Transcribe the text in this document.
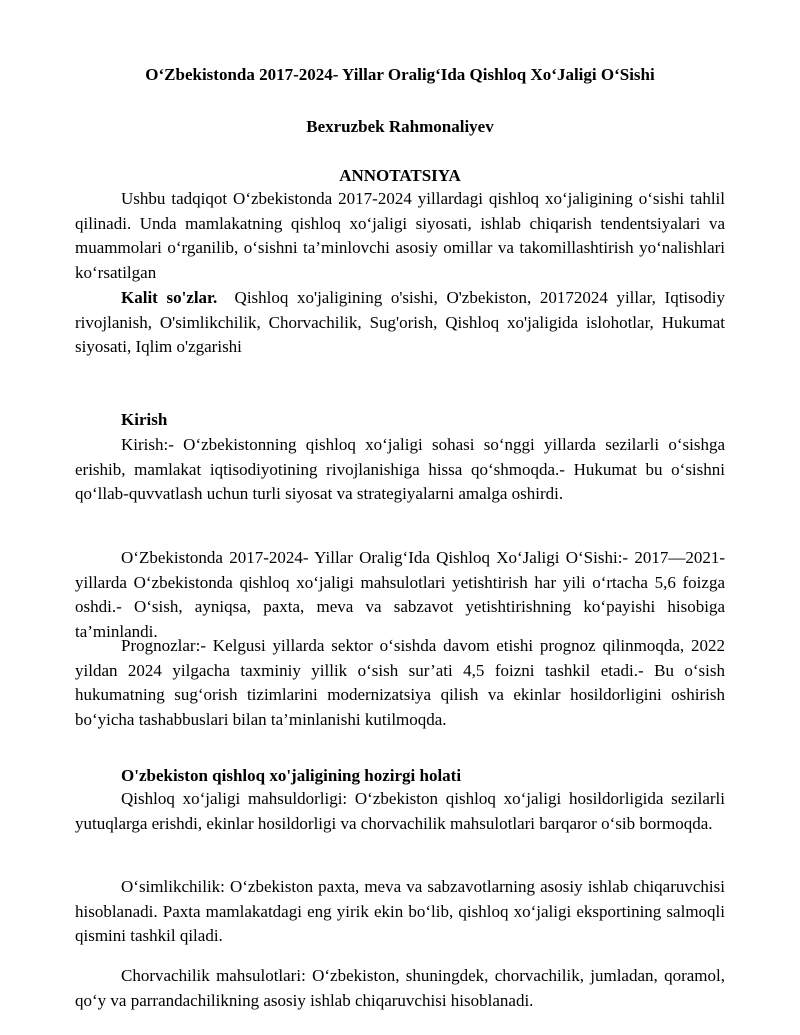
O‘Zbekistonda 2017-2024- Yillar Oralig‘Ida Qishloq Xo‘Jaligi O‘Sishi
Bexruzbek Rahmonaliyev
ANNOTATSIYA

Ushbu tadqiqot O‘zbekistonda 2017-2024 yillardagi qishloq xo‘jaligining o‘sishi tahlil qilinadi. Unda mamlakatning qishloq xo‘jaligi siyosati, ishlab chiqarish tendentsiyalari va muammolari o‘rganilib, o‘sishni ta’minlovchi asosiy omillar va takomillashtirish yo‘nalishlari ko‘rsatilgan

Kalit so'zlar. Qishloq xo'jaligining o'sishi, O'zbekiston, 20172024 yillar, Iqtisodiy rivojlanish, O'simlikchilik, Chorvachilik, Sug'orish, Qishloq xo'jaligida islohotlar, Hukumat siyosati, Iqlim o'zgarishi

Kirish

Kirish:- O‘zbekistonning qishloq xo‘jaligi sohasi so‘nggi yillarda sezilarli o‘sishga erishib, mamlakat iqtisodiyotining rivojlanishiga hissa qo‘shmoqda.- Hukumat bu o‘sishni qo‘llab-quvvatlash uchun turli siyosat va strategiyalarni amalga oshirdi.

O‘Zbekistonda 2017-2024- Yillar Oralig‘Ida Qishloq Xo‘Jaligi O‘Sishi:- 2017—2021-yillarda O‘zbekistonda qishloq xo‘jaligi mahsulotlari yetishtirish har yili o‘rtacha 5,6 foizga oshdi.- O‘sish, ayniqsa, paxta, meva va sabzavot yetishtirishning ko‘payishi hisobiga ta’minlandi.

Prognozlar:- Kelgusi yillarda sektor o‘sishda davom etishi prognoz qilinmoqda, 2022 yildan 2024 yilgacha taxminiy yillik o‘sish sur’ati 4,5 foizni tashkil etadi.- Bu o‘sish hukumatning sug‘orish tizimlarini modernizatsiya qilish va ekinlar hosildorligini oshirish bo‘yicha tashabbuslari bilan ta’minlanishi kutilmoqda.

O'zbekiston qishloq xo'jaligining hozirgi holati

Qishloq xo‘jaligi mahsuldorligi: O‘zbekiston qishloq xo‘jaligi hosildorligida sezilarli yutuqlarga erishdi, ekinlar hosildorligi va chorvachilik mahsulotlari barqaror o‘sib bormoqda.

O‘simlikchilik: O‘zbekiston paxta, meva va sabzavotlarning asosiy ishlab chiqaruvchisi hisoblanadi. Paxta mamlakatdagi eng yirik ekin bo‘lib, qishloq xo‘jaligi eksportining salmoqli qismini tashkil qiladi.

Chorvachilik mahsulotlari: O‘zbekiston, shuningdek, chorvachilik, jumladan, qoramol, qo‘y va parrandachilikning asosiy ishlab chiqaruvchisi hisoblanadi.
